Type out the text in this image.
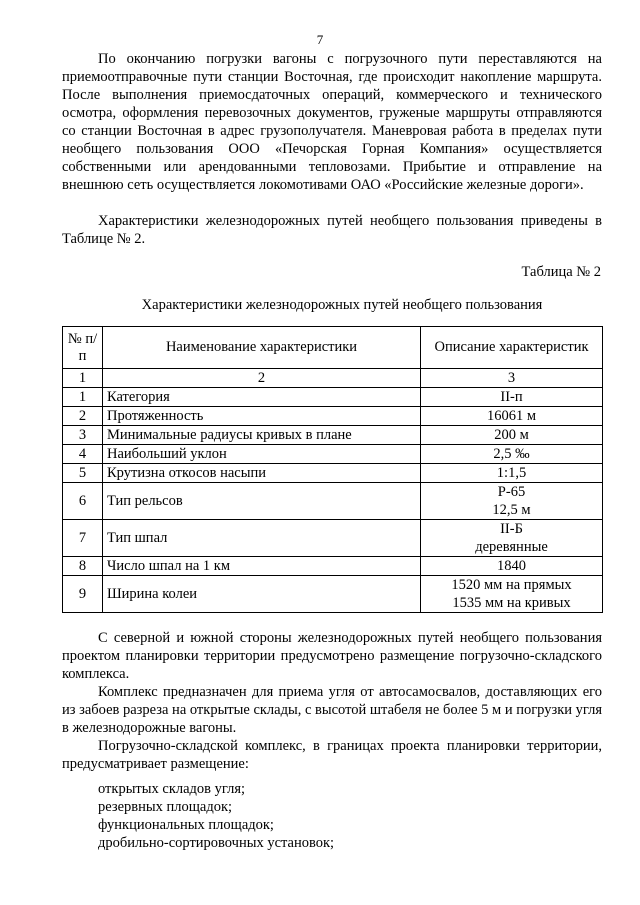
7

По окончанию погрузки вагоны с погрузочного пути переставляются на приемоотправочные пути станции Восточная, где происходит накопление маршрута. После выполнения приемосдаточных операций, коммерческого и технического осмотра, оформления перевозочных документов, груженые маршруты отправляются со станции Восточная в адрес грузополучателя. Маневровая работа в пределах пути необщего пользования ООО «Печорская Горная Компания» осуществляется собственными или арендованными тепловозами. Прибытие и отправление на внешнюю сеть осуществляется локомотивами ОАО «Российские железные дороги».

Характеристики железнодорожных путей необщего пользования приведены в Таблице № 2.

Таблица № 2
Характеристики железнодорожных путей необщего пользования
№ п/п	Наименование характеристики	Описание характеристик
1	2	3
1	Категория	II-п

2	Протяженность	16061 м

3	Минимальные радиусы кривых в плане	200 м

4	Наибольший уклон	2,5 ‰

5	Крутизна откосов насыпи	1:1,5

6	Тип рельсов	Р-65
12,5 м

7	Тип шпал	II-Б
деревянные

8	Число шпал на 1 км	1840

9	Ширина колеи	1520 мм на прямых
1535 мм на кривых

С северной и южной стороны железнодорожных путей необщего пользования проектом планировки территории предусмотрено размещение погрузочно-складского комплекса.

Комплекс предназначен для приема угля от автосамосвалов, доставляющих его из забоев разреза на открытые склады, с высотой штабеля не более 5 м и погрузки угля в железнодорожные вагоны.

Погрузочно-складской комплекс, в границах проекта планировки территории, предусматривает размещение:

открытых складов угля;
резервных площадок;
функциональных площадок;
дробильно-сортировочных установок;
